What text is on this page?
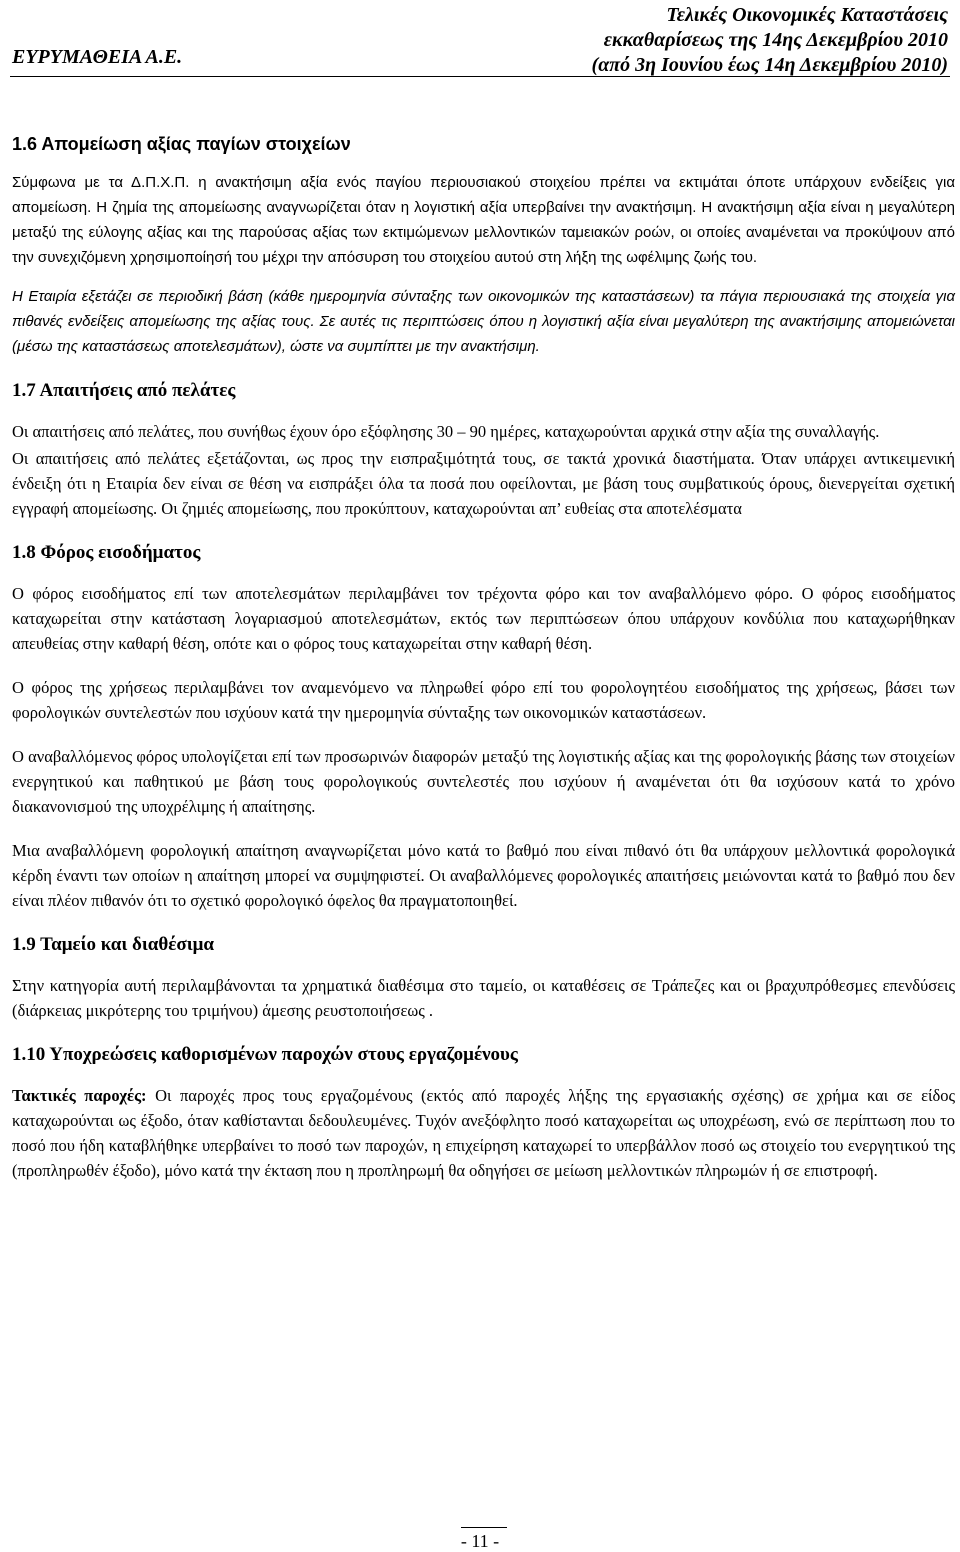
ΕΥΡΥΜΑΘΕΙΑ Α.Ε.
Τελικές Οικονομικές Καταστάσεις
εκκαθαρίσεως της 14ης Δεκεμβρίου 2010
(από 3η Ιουνίου έως 14η Δεκεμβρίου 2010)
1.6 Απομείωση αξίας παγίων στοιχείων

Σύμφωνα με τα Δ.Π.Χ.Π. η ανακτήσιμη αξία ενός παγίου περιουσιακού στοιχείου πρέπει να εκτιμάται όποτε υπάρχουν ενδείξεις για απομείωση. Η ζημία της απομείωσης αναγνωρίζεται όταν η λογιστική αξία υπερβαίνει την ανακτήσιμη. Η ανακτήσιμη αξία είναι η μεγαλύτερη μεταξύ της εύλογης αξίας και της παρούσας αξίας των εκτιμώμενων μελλοντικών ταμειακών ροών, οι οποίες αναμένεται να προκύψουν από την συνεχιζόμενη χρησιμοποίησή του μέχρι την απόσυρση του στοιχείου αυτού στη λήξη της ωφέλιμης ζωής του.

Η Εταιρία εξετάζει σε περιοδική βάση (κάθε ημερομηνία σύνταξης των οικονομικών της καταστάσεων) τα πάγια περιουσιακά της στοιχεία για πιθανές ενδείξεις απομείωσης της αξίας τους. Σε αυτές τις περιπτώσεις όπου η λογιστική αξία είναι μεγαλύτερη της ανακτήσιμης απομειώνεται (μέσω της καταστάσεως αποτελεσμάτων), ώστε να συμπίπτει με την ανακτήσιμη.

1.7 Απαιτήσεις από πελάτες

Οι απαιτήσεις από πελάτες, που συνήθως έχουν όρο εξόφλησης 30 – 90 ημέρες, καταχωρούνται αρχικά στην αξία της συναλλαγής.

Οι απαιτήσεις από πελάτες εξετάζονται, ως προς την εισπραξιμότητά τους, σε τακτά χρονικά διαστήματα. Όταν υπάρχει αντικειμενική ένδειξη ότι η Εταιρία δεν είναι σε θέση να εισπράξει όλα τα ποσά που οφείλονται, με βάση τους συμβατικούς όρους, διενεργείται σχετική εγγραφή απομείωσης. Οι ζημιές απομείωσης, που προκύπτουν, καταχωρούνται απ’ ευθείας στα αποτελέσματα

1.8 Φόρος εισοδήματος

Ο φόρος εισοδήματος επί των αποτελεσμάτων περιλαμβάνει τον τρέχοντα φόρο και τον αναβαλλόμενο φόρο. Ο φόρος εισοδήματος καταχωρείται στην κατάσταση λογαριασμού αποτελεσμάτων, εκτός των περιπτώσεων όπου υπάρχουν κονδύλια που καταχωρήθηκαν απευθείας στην καθαρή θέση, οπότε και ο φόρος τους καταχωρείται στην καθαρή θέση.

Ο φόρος της χρήσεως περιλαμβάνει τον αναμενόμενο να πληρωθεί φόρο επί του φορολογητέου εισοδήματος της χρήσεως, βάσει των φορολογικών συντελεστών που ισχύουν κατά την ημερομηνία σύνταξης των οικονομικών καταστάσεων.

Ο αναβαλλόμενος φόρος υπολογίζεται επί των προσωρινών διαφορών μεταξύ της λογιστικής αξίας και της φορολογικής βάσης των στοιχείων ενεργητικού και παθητικού με βάση τους φορολογικούς συντελεστές που ισχύουν ή αναμένεται ότι θα ισχύσουν κατά το χρόνο διακανονισμού της υποχρέλιμης ή απαίτησης.

Μια αναβαλλόμενη φορολογική απαίτηση αναγνωρίζεται μόνο κατά το βαθμό που είναι πιθανό ότι θα υπάρχουν μελλοντικά φορολογικά κέρδη έναντι των οποίων η απαίτηση μπορεί να συμψηφιστεί. Οι αναβαλλόμενες φορολογικές απαιτήσεις μειώνονται κατά το βαθμό που δεν είναι πλέον πιθανόν ότι το σχετικό φορολογικό όφελος θα πραγματοποιηθεί.

1.9 Ταμείο και διαθέσιμα

Στην κατηγορία αυτή περιλαμβάνονται τα χρηματικά διαθέσιμα στο ταμείο, οι καταθέσεις σε Τράπεζες και οι βραχυπρόθεσμες επενδύσεις (διάρκειας μικρότερης του τριμήνου) άμεσης ρευστοποιήσεως .

1.10 Υποχρεώσεις καθορισμένων παροχών στους εργαζομένους

Τακτικές παροχές: Οι παροχές προς τους εργαζομένους (εκτός από παροχές λήξης της εργασιακής σχέσης) σε χρήμα και σε είδος καταχωρούνται ως έξοδο, όταν καθίστανται δεδουλευμένες. Τυχόν ανεξόφλητο ποσό καταχωρείται ως υποχρέωση, ενώ σε περίπτωση που το ποσό που ήδη καταβλήθηκε υπερβαίνει το ποσό των παροχών, η επιχείρηση καταχωρεί το υπερβάλλον ποσό ως στοιχείο του ενεργητικού της (προπληρωθέν έξοδο), μόνο κατά την έκταση που η προπληρωμή θα οδηγήσει σε μείωση μελλοντικών πληρωμών ή σε επιστροφή.

- 11 -
